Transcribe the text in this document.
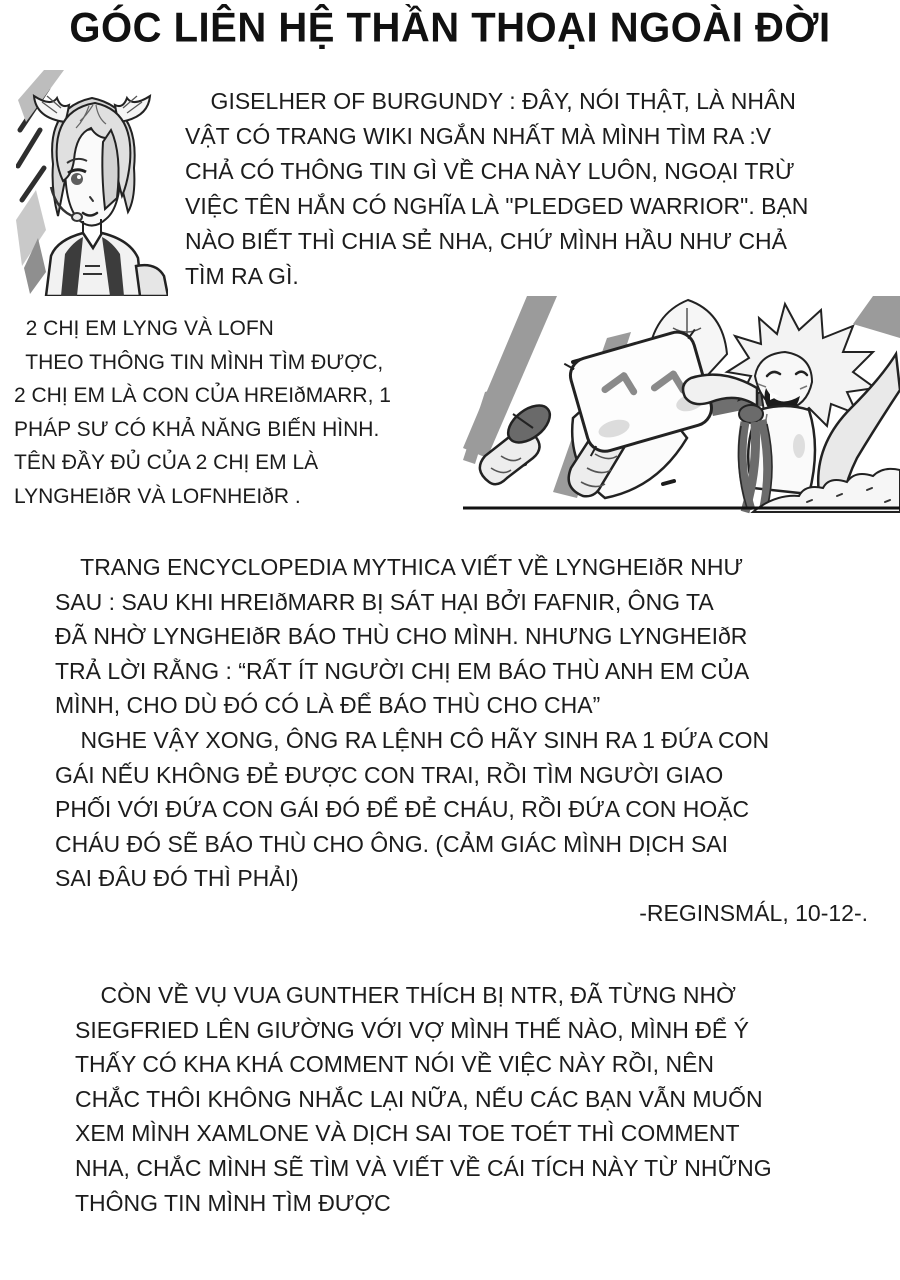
GÓC LIÊN HỆ THẦN THOẠI NGOÀI ĐỜI
GISELHER OF BURGUNDY : ĐÂY, NÓI THẬT, LÀ NHÂN
VẬT CÓ TRANG WIKI NGẮN NHẤT MÀ MÌNH TÌM RA :V
CHẢ CÓ THÔNG TIN GÌ VỀ CHA NÀY LUÔN, NGOẠI TRỪ
VIỆC TÊN HẮN CÓ NGHĨA LÀ "PLEDGED WARRIOR". BẠN
NÀO BIẾT THÌ CHIA SẺ NHA, CHỨ MÌNH HẦU NHƯ CHẢ
TÌM RA GÌ.
2 CHỊ EM LYNG VÀ LOFN
THEO THÔNG TIN MÌNH TÌM ĐƯỢC,
2 CHỊ EM LÀ CON CỦA HREIðMARR, 1
PHÁP SƯ CÓ KHẢ NĂNG BIẾN HÌNH.
TÊN ĐẦY ĐỦ CỦA 2 CHỊ EM LÀ
LYNGHEIðR VÀ LOFNHEIðR .
TRANG ENCYCLOPEDIA MYTHICA VIẾT VỀ LYNGHEIðR NHƯ
SAU : SAU KHI HREIðMARR BỊ SÁT HẠI BỞI FAFNIR, ÔNG TA
ĐÃ NHỜ LYNGHEIðR BÁO THÙ CHO MÌNH. NHƯNG LYNGHEIðR
TRẢ LỜI RẰNG : “RẤT ÍT NGƯỜI CHỊ EM BÁO THÙ ANH EM CỦA
MÌNH, CHO DÙ ĐÓ CÓ LÀ ĐỂ BÁO THÙ CHO CHA”
NGHE VẬY XONG, ÔNG RA LỆNH CÔ HÃY SINH RA 1 ĐỨA CON
GÁI NẾU KHÔNG ĐẺ ĐƯỢC CON TRAI, RỒI TÌM NGƯỜI GIAO
PHỐI VỚI ĐỨA CON GÁI ĐÓ ĐỂ ĐẺ CHÁU, RỒI ĐỨA CON HOẶC
CHÁU ĐÓ SẼ BÁO THÙ CHO ÔNG. (CẢM GIÁC MÌNH DỊCH SAI
SAI ĐÂU ĐÓ THÌ PHẢI)
-REGINSMÁL, 10-12-.
CÒN VỀ VỤ VUA GUNTHER THÍCH BỊ NTR, ĐÃ TỪNG NHỜ
SIEGFRIED LÊN GIƯỜNG VỚI VỢ MÌNH THẾ NÀO, MÌNH ĐỂ Ý
THẤY CÓ KHA KHÁ COMMENT NÓI VỀ VIỆC NÀY RỒI, NÊN
CHẮC THÔI KHÔNG NHẮC LẠI NỮA, NẾU CÁC BẠN VẪN MUỐN
XEM MÌNH XAMLONE VÀ DỊCH SAI TOE TOÉT THÌ COMMENT
NHA, CHẮC MÌNH SẼ TÌM VÀ VIẾT VỀ CÁI TÍCH NÀY TỪ NHỮNG
THÔNG TIN MÌNH TÌM ĐƯỢC
